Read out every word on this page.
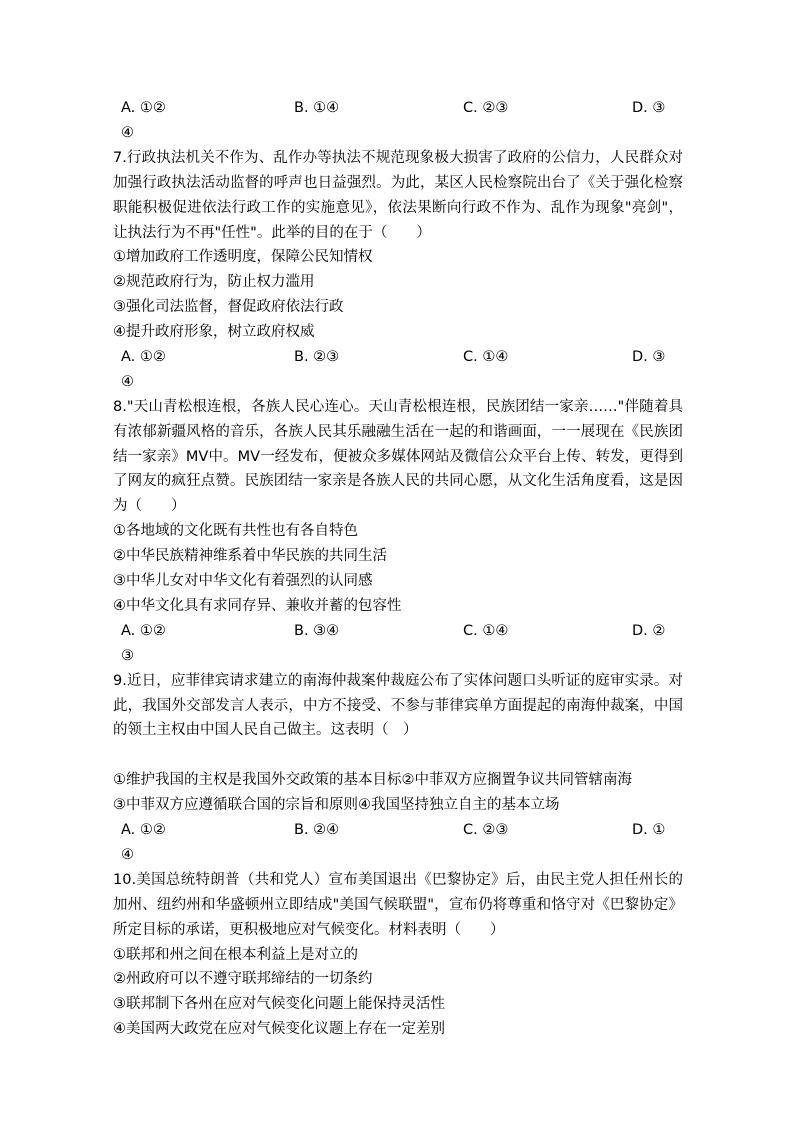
A. ①②	B. ①④	C. ②③	D. ③
④
7.行政执法机关不作为、乱作办等执法不规范现象极大损害了政府的公信力，人民群众对加强行政执法活动监督的呼声也日益强烈。为此，某区人民检察院出台了《关于强化检察职能积极促进依法行政工作的实施意见》，依法果断向行政不作为、乱作为现象"亮剑"，让执法行为不再"任性"。此举的目的在于（　　）
①增加政府工作透明度，保障公民知情权
②规范政府行为，防止权力滥用
③强化司法监督，督促政府依法行政
④提升政府形象，树立政府权威
A. ①②	B. ②③	C. ①④	D. ③
④
8."天山青松根连根，各族人民心连心。天山青松根连根，民族团结一家亲……"伴随着具有浓郁新疆风格的音乐，各族人民其乐融融生活在一起的和谐画面，一一展现在《民族团结一家亲》MV中。MV一经发布，便被众多媒体网站及微信公众平台上传、转发，更得到了网友的疯狂点赞。民族团结一家亲是各族人民的共同心愿，从文化生活角度看，这是因为（　　）
①各地域的文化既有共性也有各自特色
②中华民族精神维系着中华民族的共同生活
③中华儿女对中华文化有着强烈的认同感
④中华文化具有求同存异、兼收并蓄的包容性
A. ①②	B. ③④	C. ①④	D. ②
③
9.近日，应菲律宾请求建立的南海仲裁案仲裁庭公布了实体问题口头听证的庭审实录。对此，我国外交部发言人表示，中方不接受、不参与菲律宾单方面提起的南海仲裁案，中国的领土主权由中国人民自己做主。这表明（　）
①维护我国的主权是我国外交政策的基本目标②中菲双方应搁置争议共同管辖南海
③中菲双方应遵循联合国的宗旨和原则④我国坚持独立自主的基本立场
A. ①②	B. ②④	C. ②③	D. ①
④
10.美国总统特朗普（共和党人）宣布美国退出《巴黎协定》后，由民主党人担任州长的加州、纽约州和华盛顿州立即结成"美国气候联盟"，宣布仍将尊重和恪守对《巴黎协定》所定目标的承诺，更积极地应对气候变化。材料表明（　　）
①联邦和州之间在根本利益上是对立的
②州政府可以不遵守联邦缔结的一切条约
③联邦制下各州在应对气候变化问题上能保持灵活性
④美国两大政党在应对气候变化议题上存在一定差别
